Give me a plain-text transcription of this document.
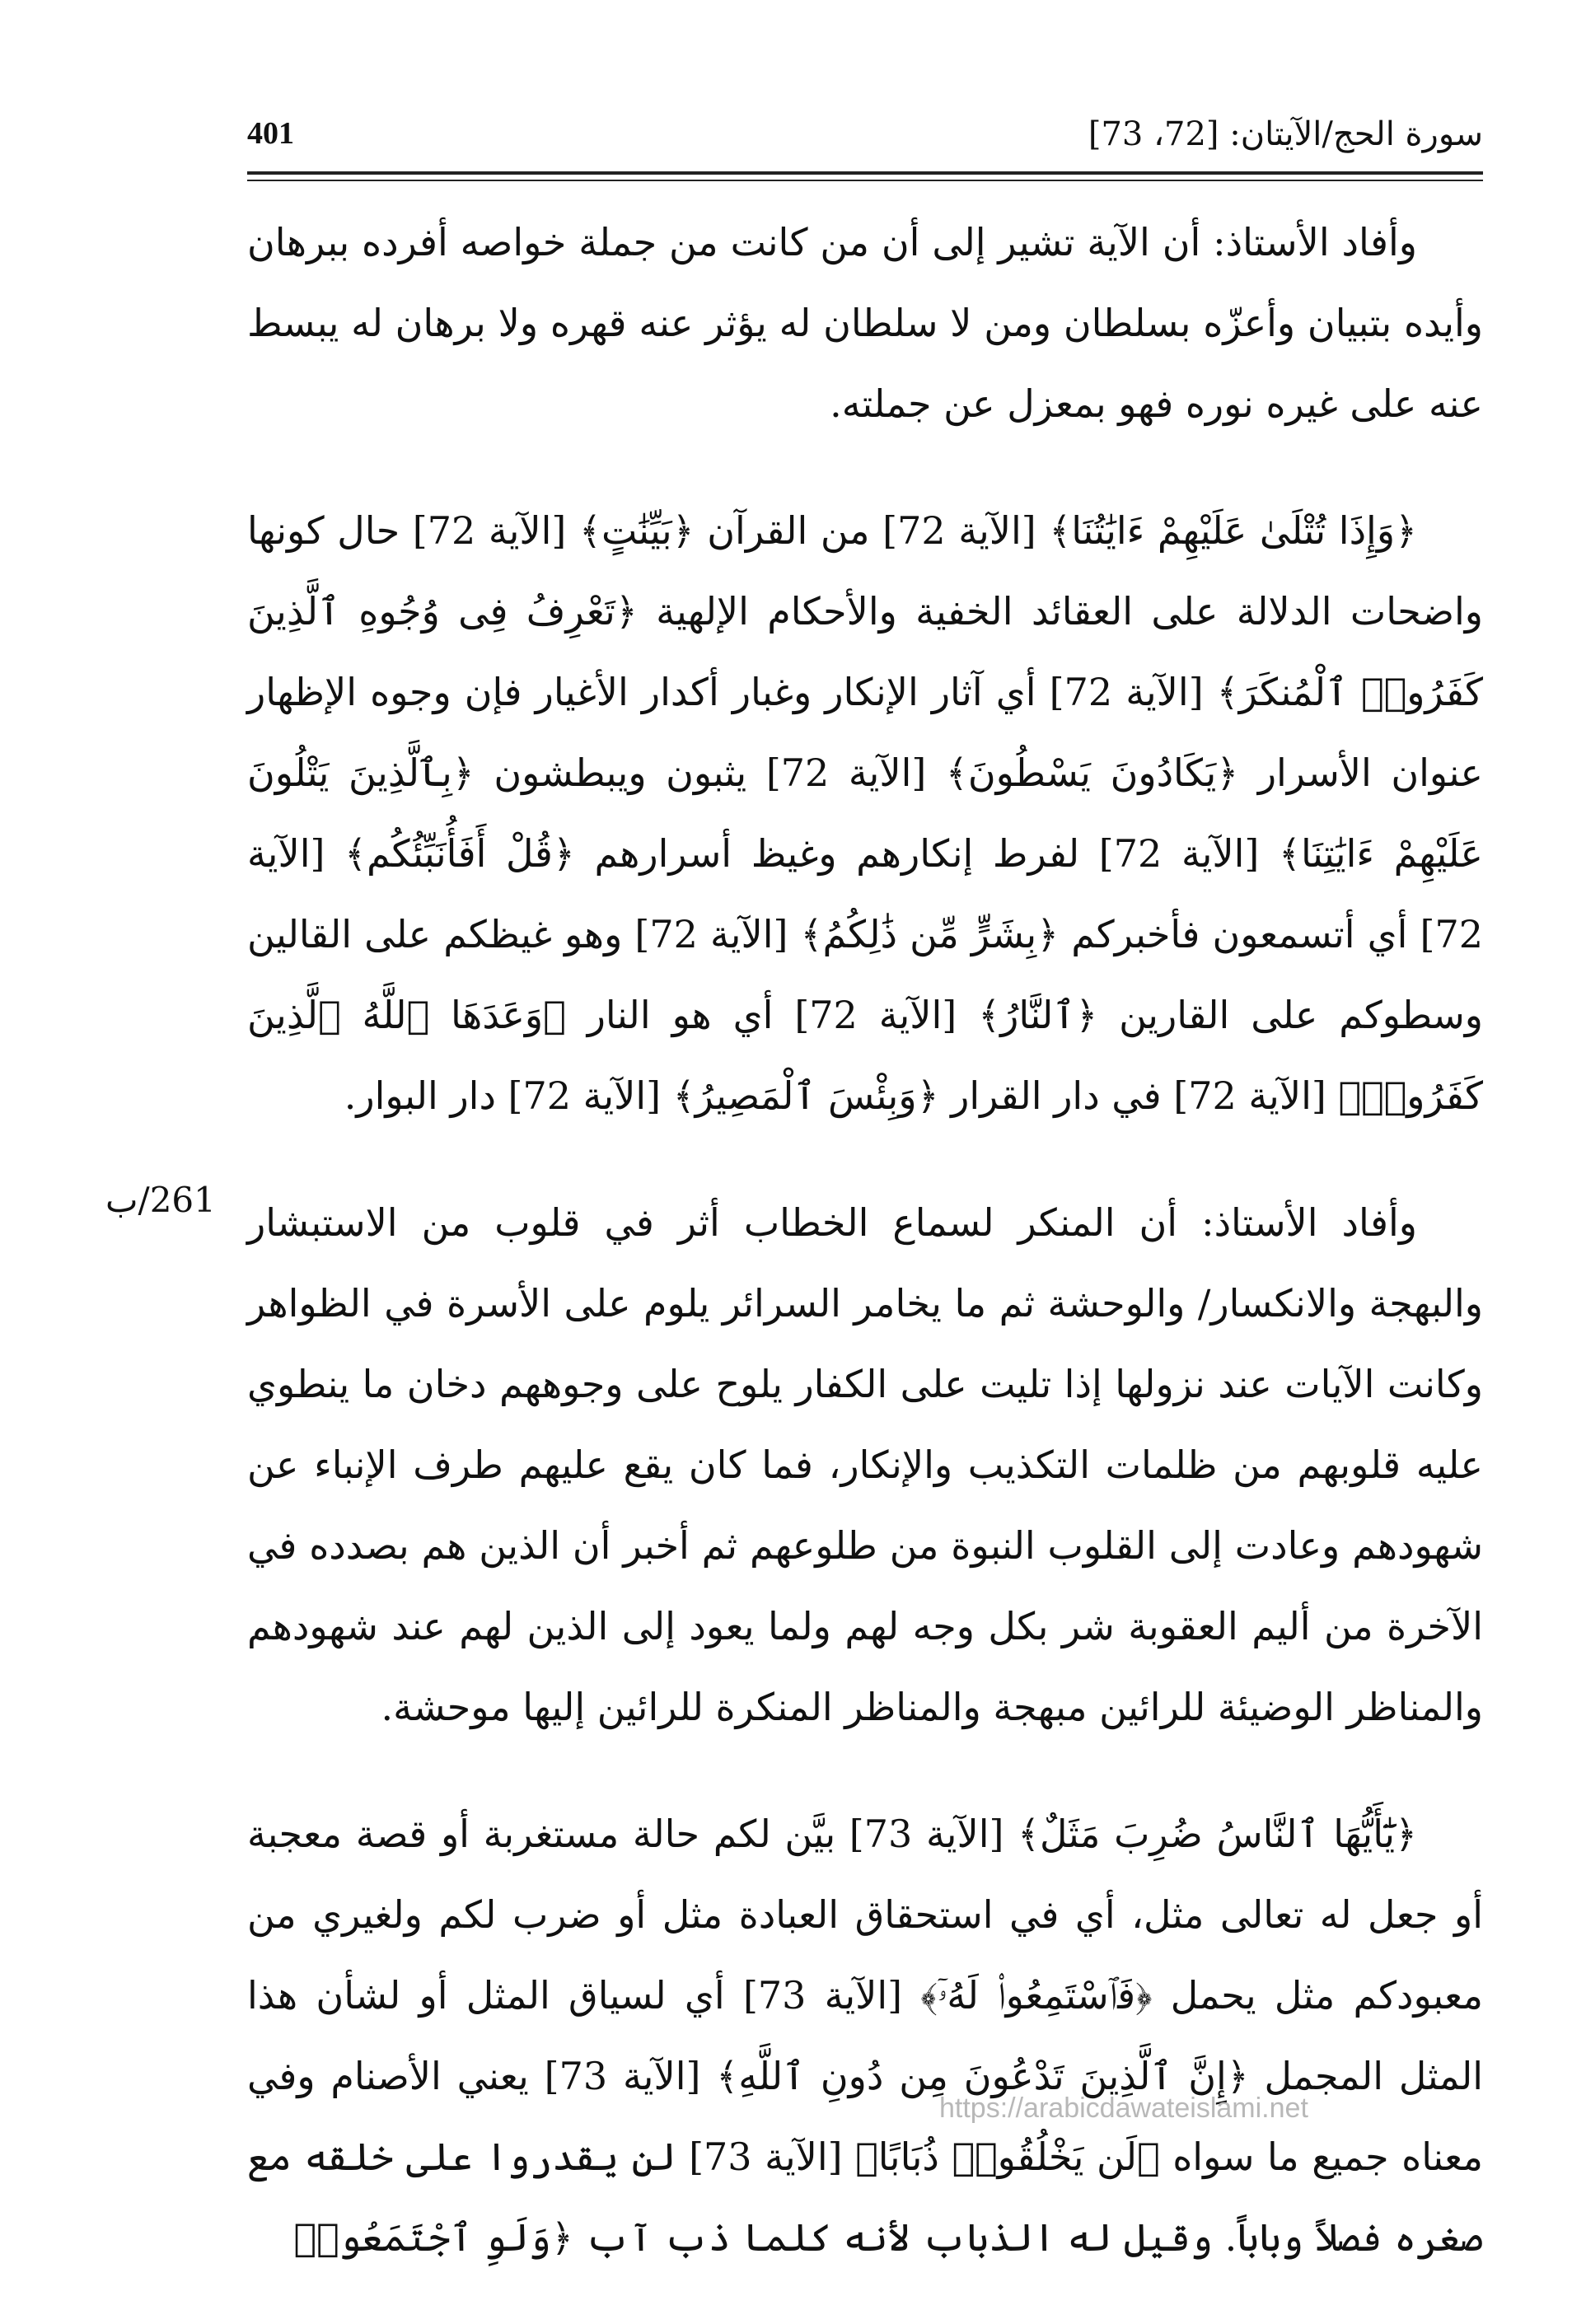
401	سورة الحج/الآيتان: [72، 73]
261/ب

وأفاد الأستاذ: أن الآية تشير إلى أن من كانت من جملة خواصه أفرده ببرهان وأيده بتبيان وأعزّه بسلطان ومن لا سلطان له يؤثر عنه قهره ولا برهان له يبسط عنه على غيره نوره فهو بمعزل عن جملته.

﴿وَإِذَا تُتْلَىٰ عَلَيْهِمْ ءَايَٰتُنَا﴾ [الآية 72] من القرآن ﴿بَيِّنَٰتٍ﴾ [الآية 72] حال كونها واضحات الدلالة على العقائد الخفية والأحكام الإلهية ﴿تَعْرِفُ فِى وُجُوهِ ٱلَّذِينَ كَفَرُوا۟ ٱلْمُنكَرَ﴾ [الآية 72] أي آثار الإنكار وغبار أكدار الأغيار فإن وجوه الإظهار عنوان الأسرار ﴿يَكَادُونَ يَسْطُونَ﴾ [الآية 72] يثبون ويبطشون ﴿بِٱلَّذِينَ يَتْلُونَ عَلَيْهِمْ ءَايَٰتِنَا﴾ [الآية 72] لفرط إنكارهم وغيظ أسرارهم ﴿قُلْ أَفَأُنَبِّئُكُم﴾ [الآية 72] أي أتسمعون فأخبركم ﴿بِشَرٍّ مِّن ذَٰلِكُمُ﴾ [الآية 72] وهو غيظكم على القالين وسطوكم على القارين ﴿ٱلنَّارُ﴾ [الآية 72] أي هو النار ﴿وَعَدَهَا ٱللَّهُ ٱلَّذِينَ كَفَرُوا۟﴾ [الآية 72] في دار القرار ﴿وَبِئْسَ ٱلْمَصِيرُ﴾ [الآية 72] دار البوار.

وأفاد الأستاذ: أن المنكر لسماع الخطاب أثر في قلوب من الاستبشار والبهجة والانكسار/ والوحشة ثم ما يخامر السرائر يلوم على الأسرة في الظواهر وكانت الآيات عند نزولها إذا تليت على الكفار يلوح على وجوههم دخان ما ينطوي عليه قلوبهم من ظلمات التكذيب والإنكار، فما كان يقع عليهم طرف الإنباء عن شهودهم وعادت إلى القلوب النبوة من طلوعهم ثم أخبر أن الذين هم بصدده في الآخرة من أليم العقوبة شر بكل وجه لهم ولما يعود إلى الذين لهم عند شهودهم والمناظر الوضيئة للرائين مبهجة والمناظر المنكرة للرائين إليها موحشة.

﴿يَٰٓأَيُّهَا ٱلنَّاسُ ضُرِبَ مَثَلٌ﴾ [الآية 73] بيَّن لكم حالة مستغربة أو قصة معجبة أو جعل له تعالى مثل، أي في استحقاق العبادة مثل أو ضرب لكم ولغيري من معبودكم مثل يحمل ﴿فَٱسْتَمِعُوا۟ لَهُۥٓ﴾ [الآية 73] أي لسياق المثل أو لشأن هذا المثل المجمل ﴿إِنَّ ٱلَّذِينَ تَدْعُونَ مِن دُونِ ٱللَّهِ﴾ [الآية 73] يعني الأصنام وفي معناه جميع ما سواه ﴿لَن يَخْلُقُوا۟ ذُبَابًا﴾ [الآية 73] لن يقدروا على خلقه مع صغره فصلاً وباباً. وقيل له الذباب لأنه كلما ذب آب ﴿وَلَوِ ٱجْتَمَعُوا۟

https://arabicdawateislami.net
